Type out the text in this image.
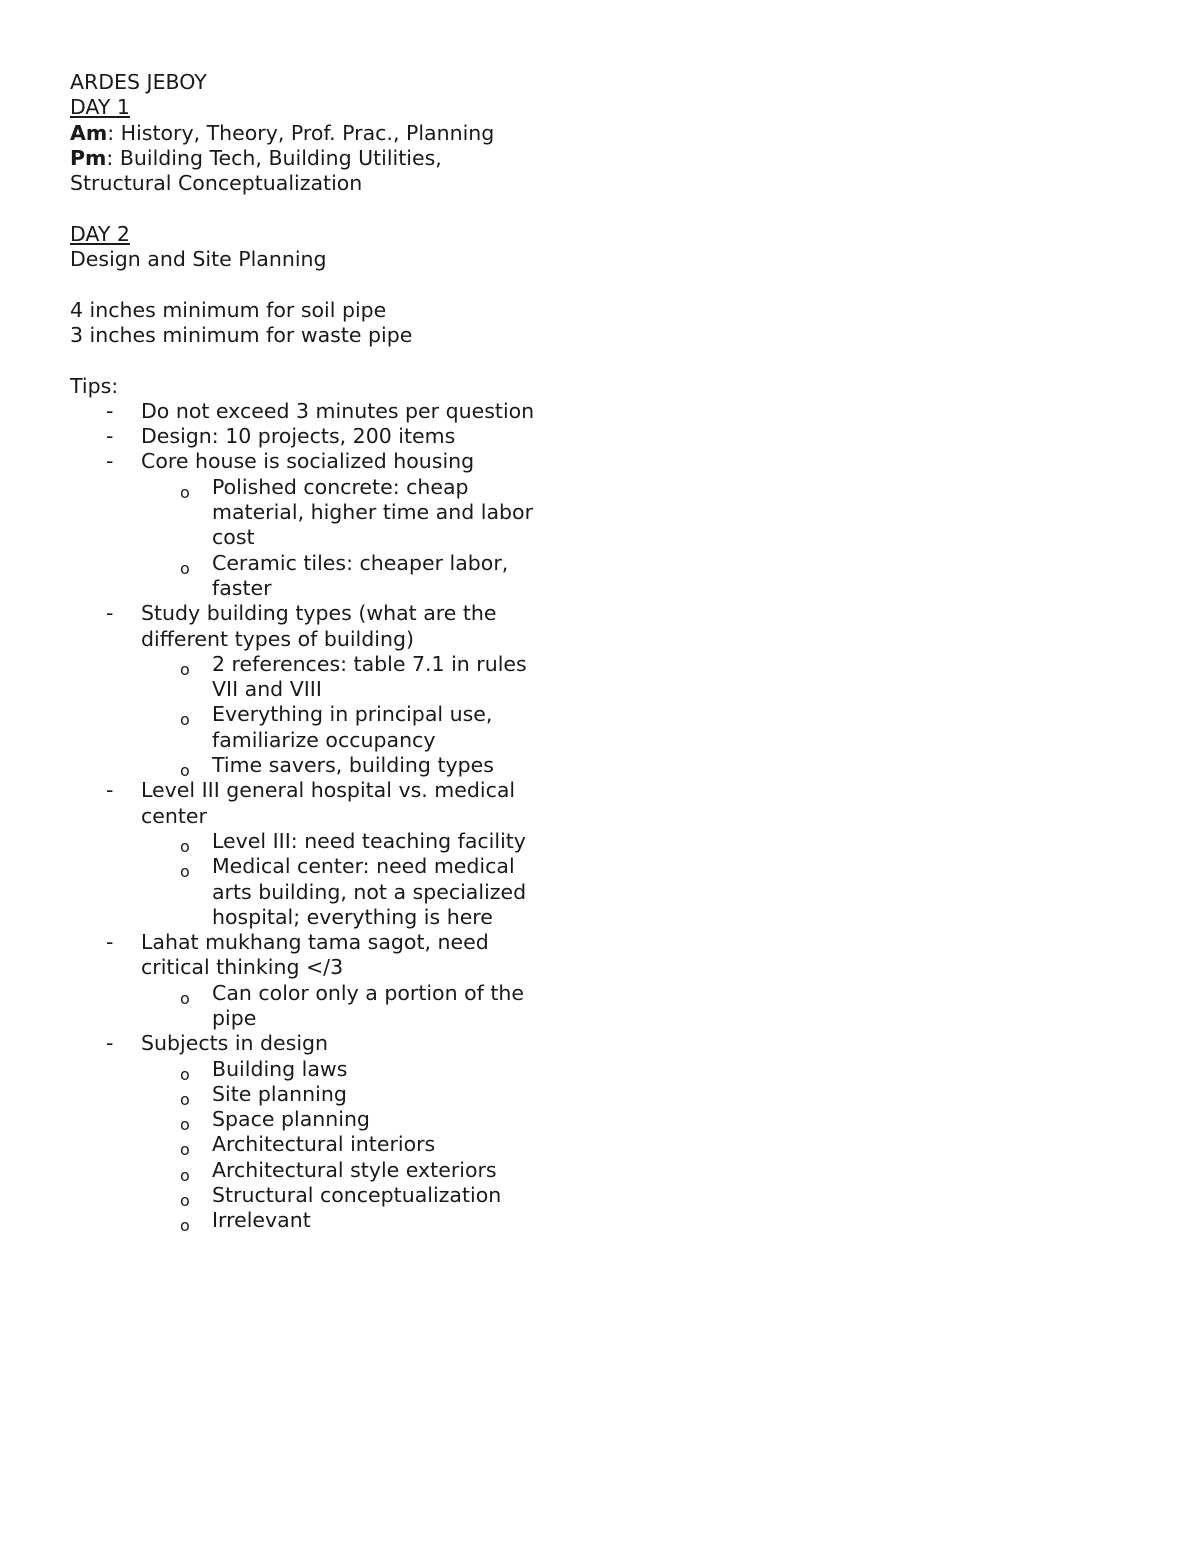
ARDES JEBOY
DAY 1
Am: History, Theory, Prof. Prac., Planning
Pm: Building Tech, Building Utilities,
Structural Conceptualization
DAY 2
Design and Site Planning
4 inches minimum for soil pipe
3 inches minimum for waste pipe
Tips:
- Do not exceed 3 minutes per question
- Design: 10 projects, 200 items
- Core house is socialized housing
o Polished concrete: cheap material, higher time and labor cost
o Ceramic tiles: cheaper labor, faster
- Study building types (what are the different types of building)
o 2 references: table 7.1 in rules VII and VIII
o Everything in principal use, familiarize occupancy
o Time savers, building types
- Level III general hospital vs. medical center
o Level III: need teaching facility
o Medical center: need medical arts building, not a specialized hospital; everything is here
- Lahat mukhang tama sagot, need critical thinking </3
o Can color only a portion of the pipe
- Subjects in design
o Building laws
o Site planning
o Space planning
o Architectural interiors
o Architectural style exteriors
o Structural conceptualization
o Irrelevant
